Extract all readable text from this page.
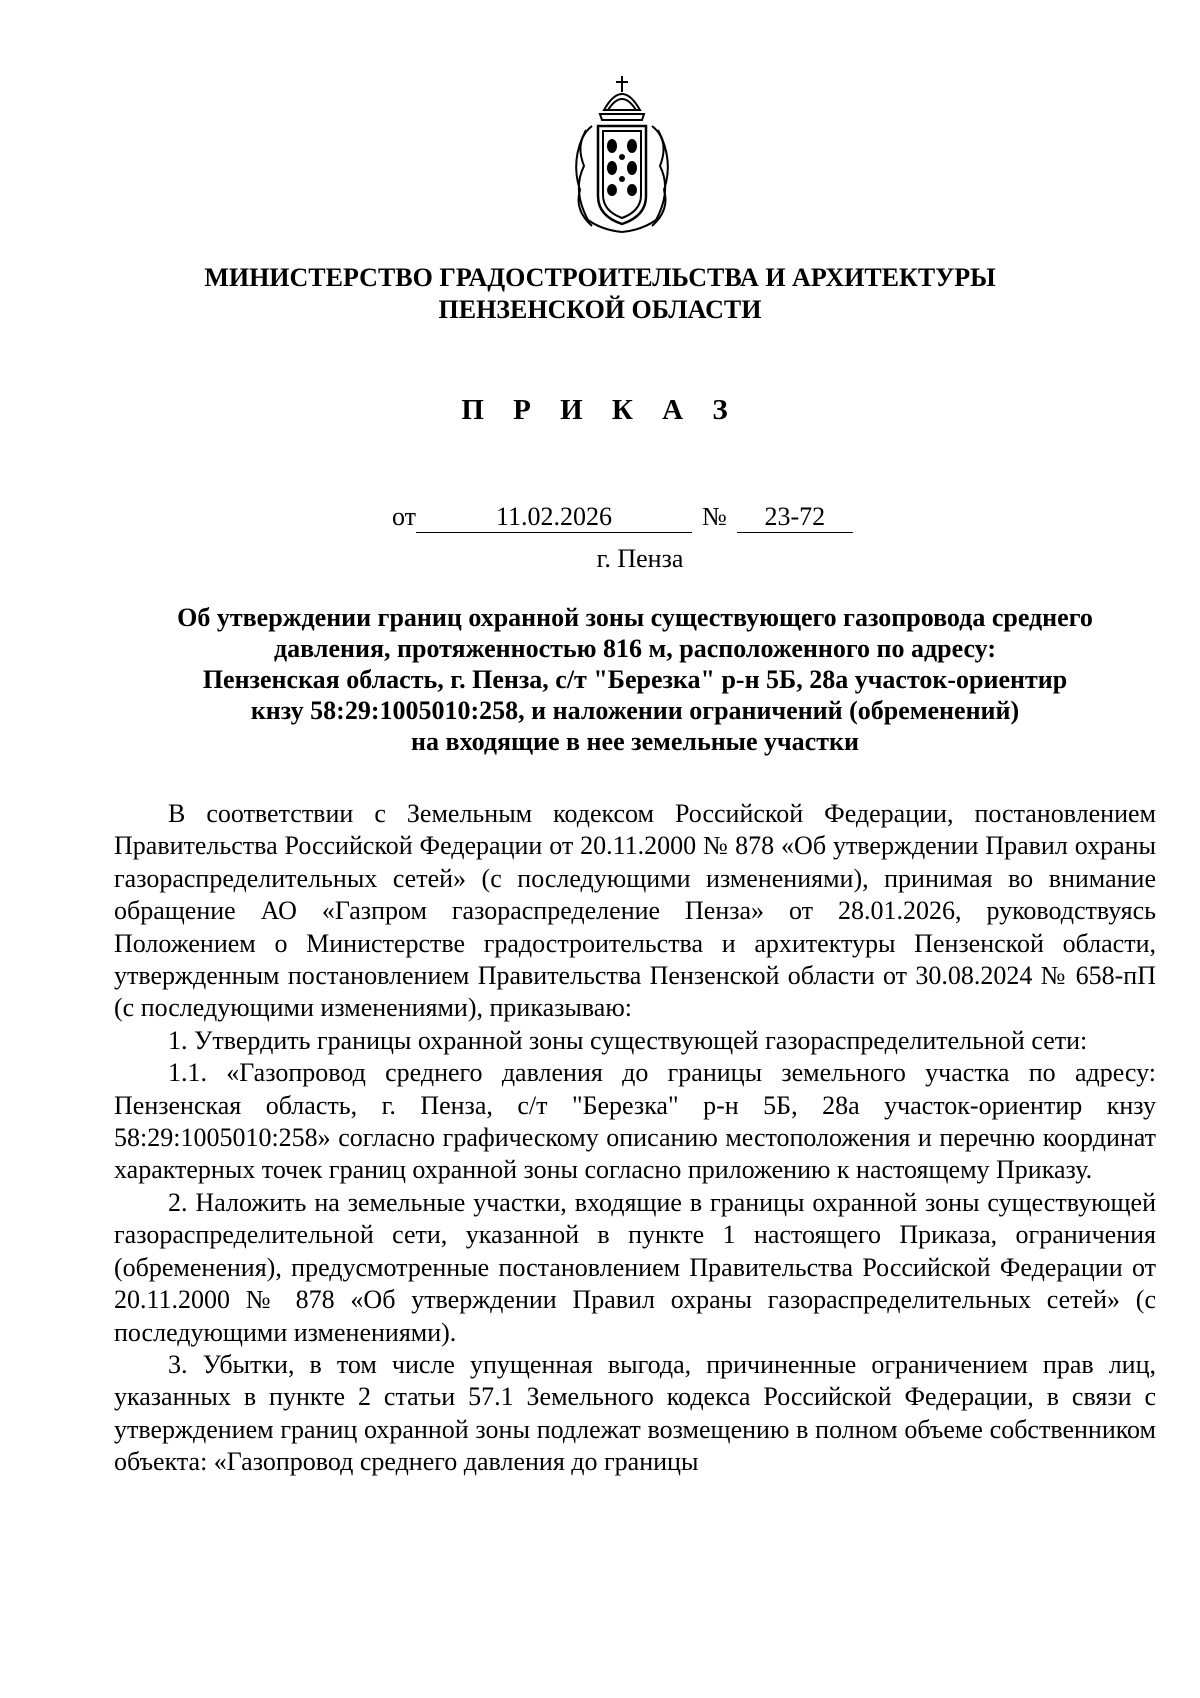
МИНИСТЕРСТВО ГРАДОСТРОИТЕЛЬСТВА И АРХИТЕКТУРЫ
ПЕНЗЕНСКОЙ ОБЛАСТИ
П Р И К А З
от	11.02.2026	№ 23-72
г. Пенза
Об утверждении границ охранной зоны существующего газопровода среднего
давления, протяженностью 816 м, расположенного по адресу:
Пензенская область, г. Пенза, с/т "Березка" р-н 5Б, 28а участок-ориентир
кнзу 58:29:1005010:258, и наложении ограничений (обременений)
на входящие в нее земельные участки

В соответствии с Земельным кодексом Российской Федерации, постановлением Правительства Российской Федерации от 20.11.2000 № 878 «Об утверждении Правил охраны газораспределительных сетей» (с последующими изменениями), принимая во внимание обращение АО «Газпром газораспределение Пенза» от 28.01.2026, руководствуясь Положением о Министерстве градостроительства и архитектуры Пензенской области, утвержденным постановлением Правительства Пензенской области от 30.08.2024 № 658-пП (с последующими изменениями), приказываю:

1. Утвердить границы охранной зоны существующей газораспределительной сети:

1.1. «Газопровод среднего давления до границы земельного участка по адресу: Пензенская область, г. Пенза, с/т "Березка" р-н 5Б, 28а участок-ориентир кнзу 58:29:1005010:258» согласно графическому описанию местоположения и перечню координат характерных точек границ охранной зоны согласно приложению к настоящему Приказу.

2. Наложить на земельные участки, входящие в границы охранной зоны существующей газораспределительной сети, указанной в пункте 1 настоящего Приказа, ограничения (обременения), предусмотренные постановлением Правительства Российской Федерации от 20.11.2000 № 878 «Об утверждении Правил охраны газораспределительных сетей» (с последующими изменениями).

3. Убытки, в том числе упущенная выгода, причиненные ограничением прав лиц, указанных в пункте 2 статьи 57.1 Земельного кодекса Российской Федерации, в связи с утверждением границ охранной зоны подлежат возмещению в полном объеме собственником объекта: «Газопровод среднего давления до границы
